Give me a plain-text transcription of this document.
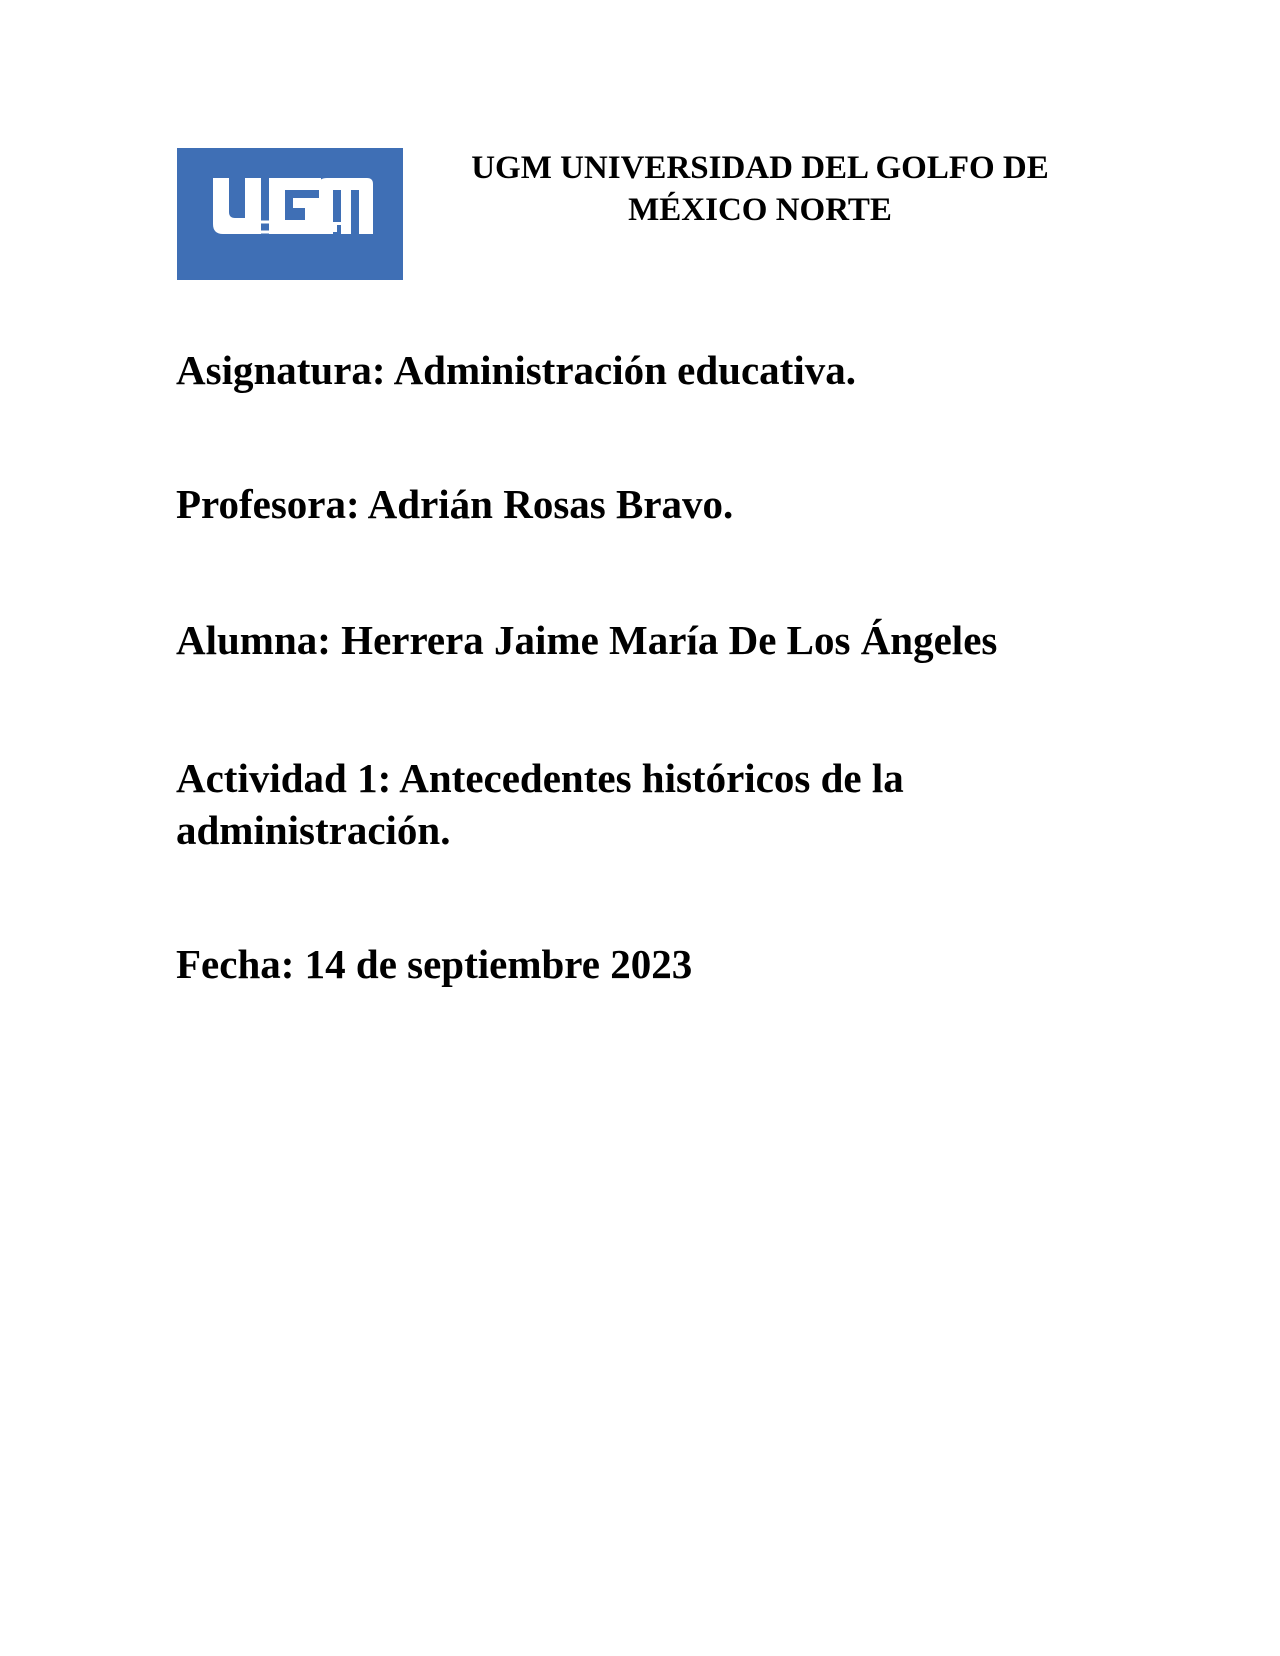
UGM UNIVERSIDAD DEL GOLFO DE
MÉXICO NORTE
Asignatura : Administración educativa.
Profesora : Adrián Rosas Bravo.
Alumna : Herrera Jaime María De Los Ángeles
Actividad 1 : Antecedentes históricos de la administración.
Fecha : 14 de septiembre 2023
